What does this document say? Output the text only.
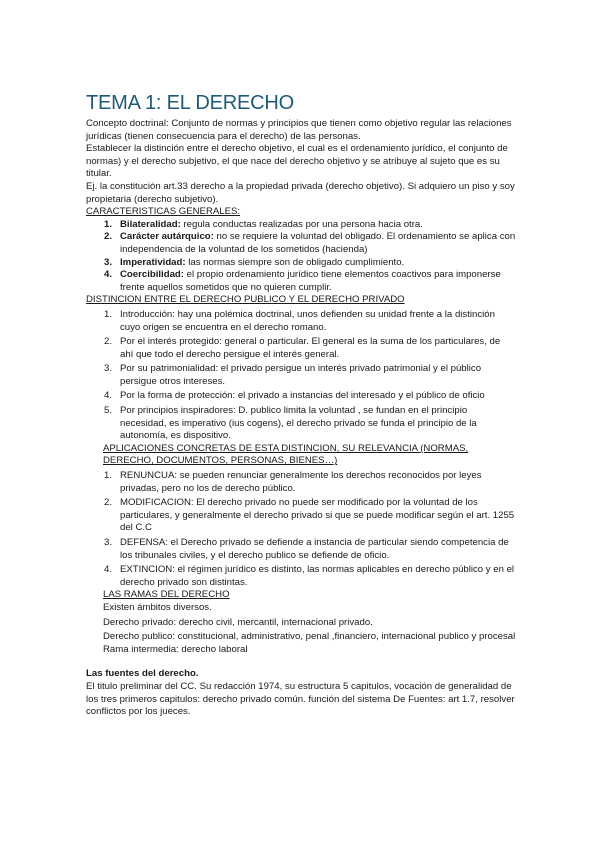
TEMA 1: EL DERECHO

Concepto doctrinal: Conjunto de normas y principios que tienen como objetivo regular las relaciones jurídicas (tienen consecuencia para el derecho) de las personas.

Establecer la distinción entre el derecho objetivo, el cual es el ordenamiento jurídico, el conjunto de normas) y el derecho subjetivo, el que nace del derecho objetivo y se atribuye al sujeto que es su titular.

Ej. la constitución art.33 derecho a la propiedad privada (derecho objetivo). Si adquiero un piso y soy propietaria (derecho subjetivo).

CARACTERISTICAS GENERALES:

1. Bilateralidad: regula conductas realizadas por una persona hacia otra.
2. Carácter autárquico: no se requiere la voluntad del obligado. El ordenamiento se aplica con independencia de la voluntad de los sometidos (hacienda)
3. Imperatividad: las normas siempre son de obligado cumplimiento.
4. Coercibilidad: el propio ordenamiento jurídico tiene elementos coactivos para imponerse frente aquellos sometidos que no quieren cumplir.

DISTINCION ENTRE EL DERECHO PUBLICO Y EL DERECHO PRIVADO

1. Introducción: hay una polémica doctrinal, unos defienden su unidad frente a la distinción cuyo origen se encuentra en el derecho romano.
2. Por el interés protegido: general o particular. El general es la suma de los particulares, de ahí que todo el derecho persigue el interés general.
3. Por su patrimonialidad: el privado persigue un interés privado patrimonial y el público persigue otros intereses.
4. Por la forma de protección: el privado a instancias del interesado y el público de oficio
5. Por principios inspiradores: D. publico limita la voluntad , se fundan en el principio necesidad, es imperativo (ius cogens), el derecho privado se funda el principio de la autonomía, es dispositivo.

APLICACIONES CONCRETAS DE ESTA DISTINCION, SU RELEVANCIA (NORMAS, DERECHO, DOCUMENTOS, PERSONAS, BIENES…)

1. RENUNCUA: se pueden renunciar generalmente los derechos reconocidos por leyes privadas, pero no los de derecho público.
2. MODIFICACION: El derecho privado no puede ser modificado por la voluntad de los particulares, y generalmente el derecho privado si que se puede modificar según el art. 1255 del C.C
3. DEFENSA: el Derecho privado se defiende a instancia de particular siendo competencia de los tribunales civiles, y el derecho publico se defiende de oficio.
4. EXTINCION: el régimen jurídico es distinto, las normas aplicables en derecho público y en el derecho privado son distintas.

LAS RAMAS DEL DERECHO

Existen ámbitos diversos.

Derecho privado: derecho civil, mercantil, internacional privado.

Derecho publico: constitucional, administrativo, penal ,financiero, internacional publico y procesal

Rama intermedia: derecho laboral

Las fuentes del derecho.

El titulo preliminar del CC. Su redacción 1974, su estructura 5 capitulos, vocación de generalidad de los tres primeros capitulos: derecho privado común. función del sistema De Fuentes: art 1.7, resolver conflictos por los jueces.
